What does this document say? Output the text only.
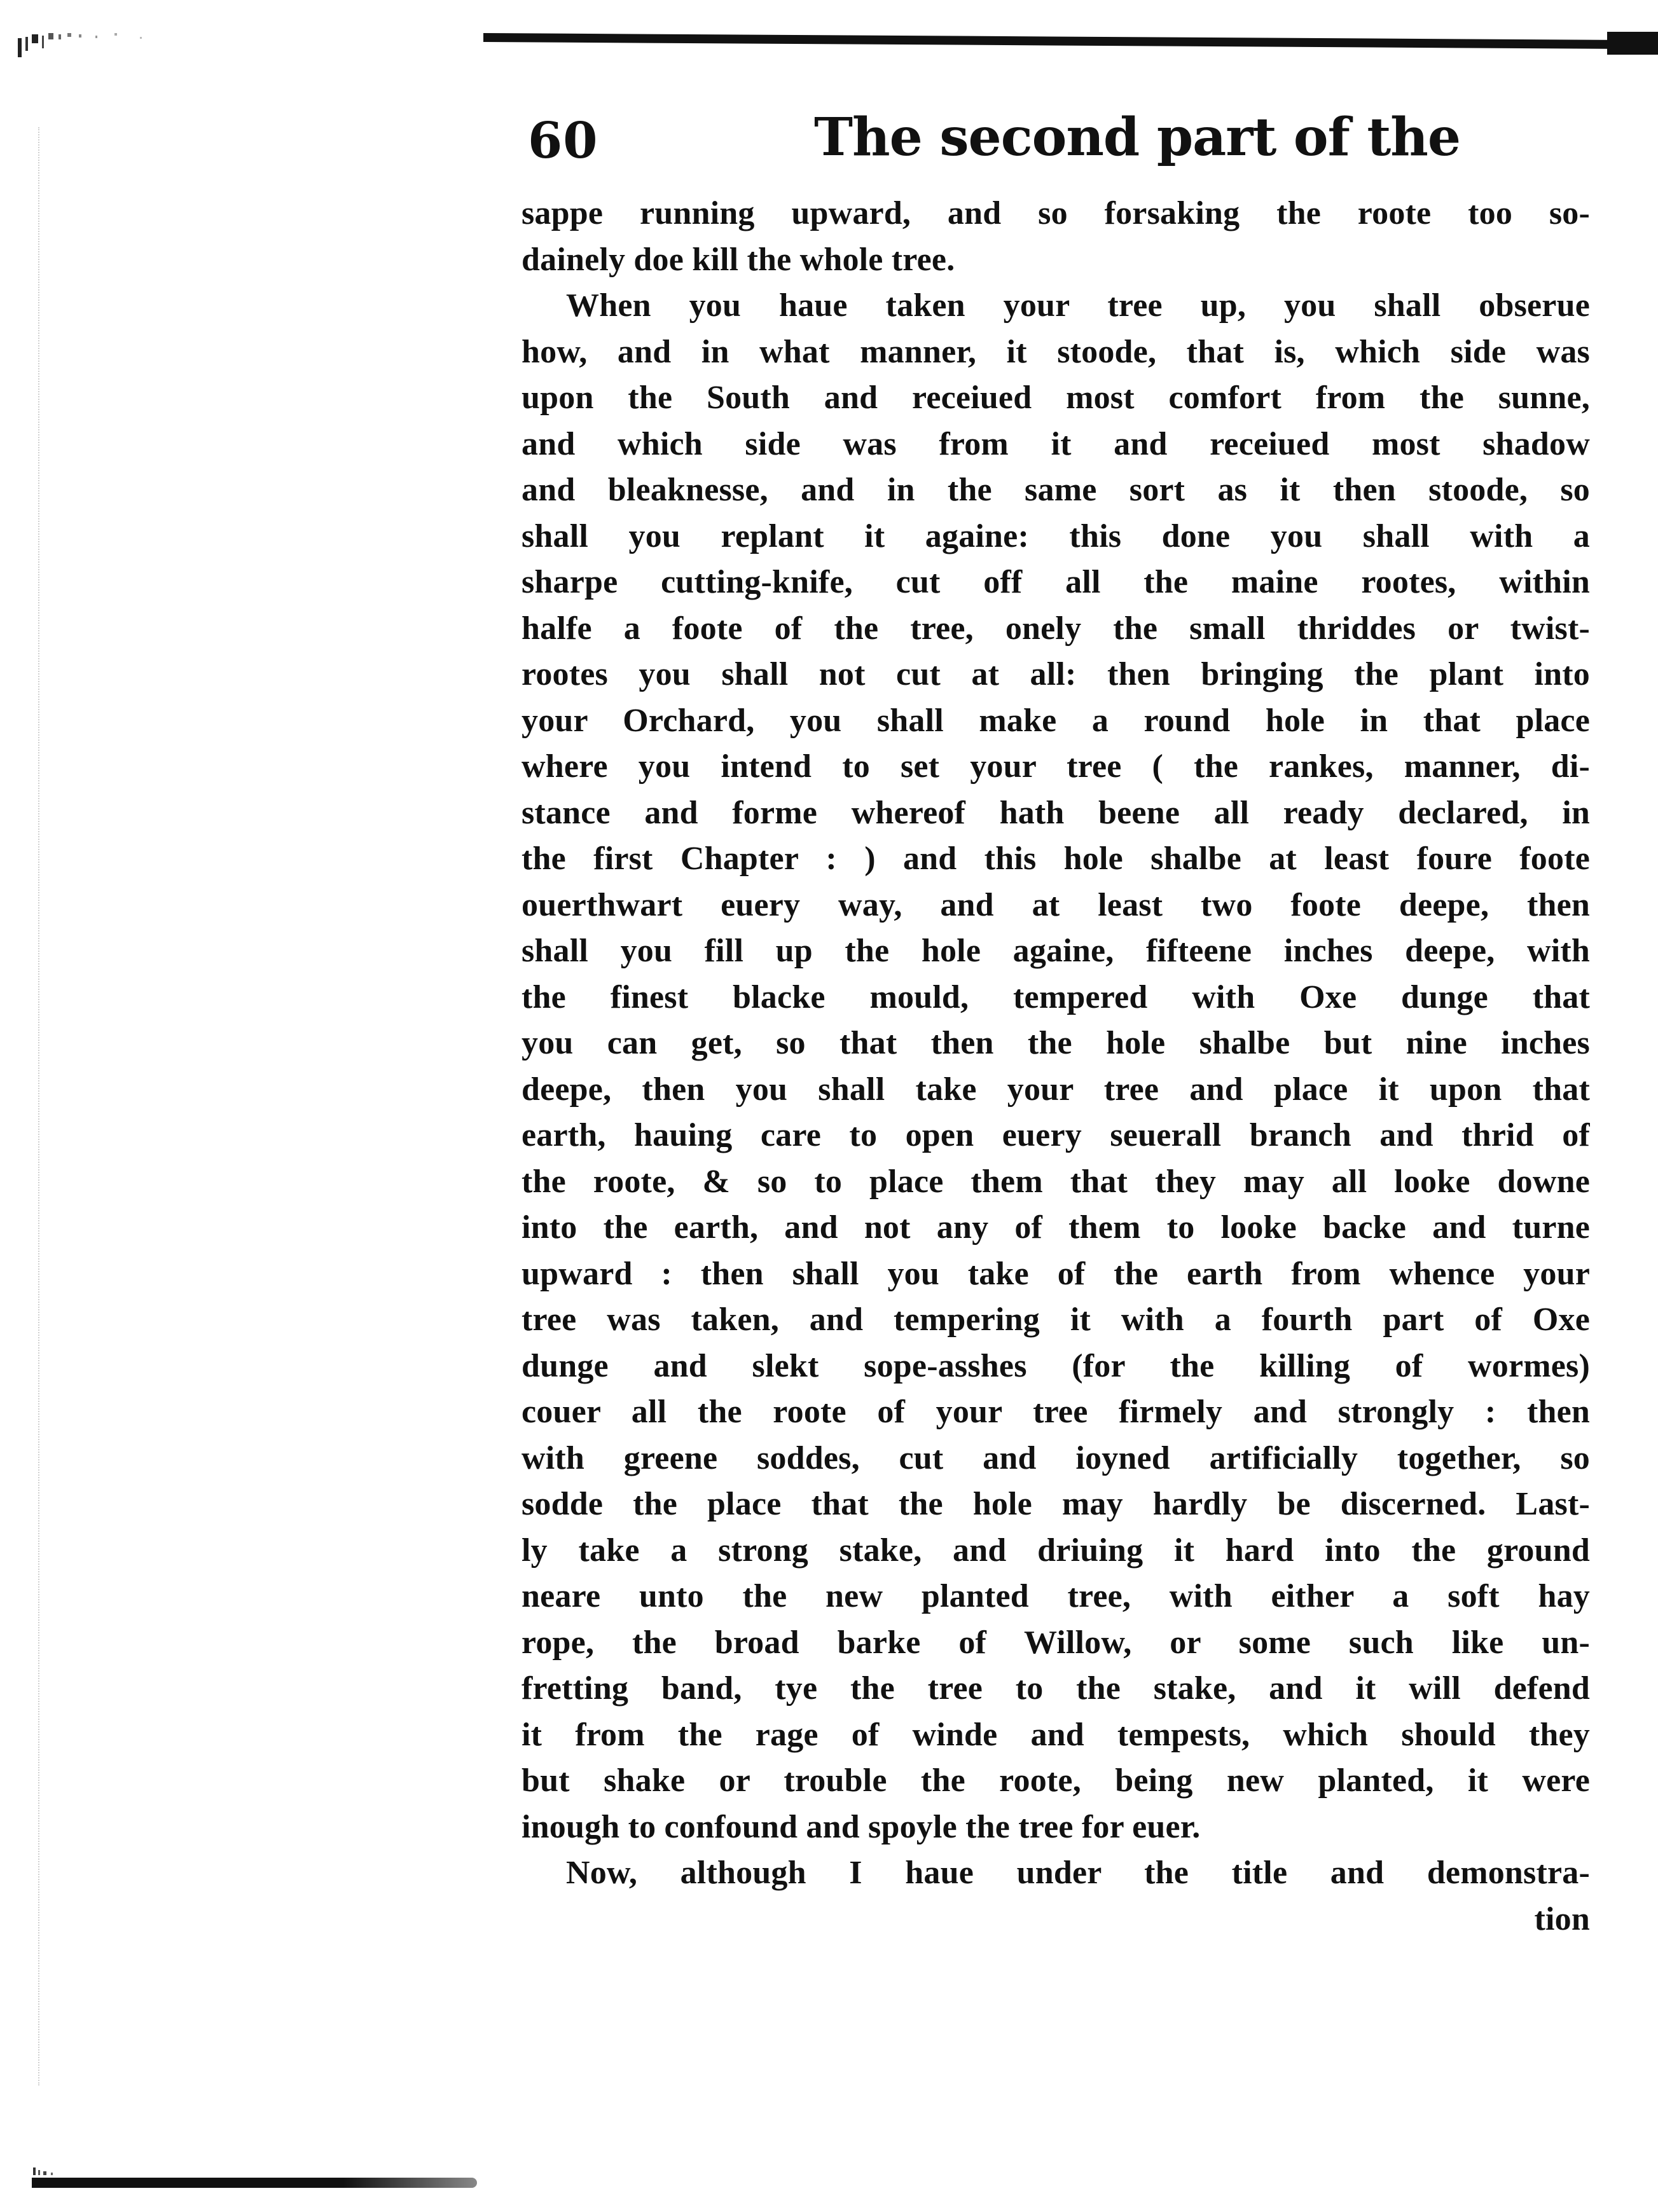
60	The second part of the
sappe running upward, and so forsaking the roote too so-
dainely doe kill the whole tree.
When you haue taken your tree up, you shall obserue
how, and in what manner, it stoode, that is, which side was
upon the South and receiued most comfort from the sunne,
and which side was from it and receiued most shadow
and bleaknesse, and in the same sort as it then stoode, so
shall you replant it againe: this done you shall with a
sharpe cutting-knife, cut off all the maine rootes, within
halfe a foote of the tree, onely the small thriddes or twist-
rootes you shall not cut at all: then bringing the plant into
your Orchard, you shall make a round hole in that place
where you intend to set your tree ( the rankes, manner, di-
stance and forme whereof hath beene all ready declared, in
the first Chapter : ) and this hole shalbe at least foure foote
ouerthwart euery way, and at least two foote deepe, then
shall you fill up the hole againe, fifteene inches deepe, with
the finest blacke mould, tempered with Oxe dunge that
you can get, so that then the hole shalbe but nine inches
deepe, then you shall take your tree and place it upon that
earth, hauing care to open euery seuerall branch and thrid of
the roote, & so to place them that they may all looke downe
into the earth, and not any of them to looke backe and turne
upward : then shall you take of the earth from whence your
tree was taken, and tempering it with a fourth part of Oxe
dunge and slekt sope-asshes (for the killing of wormes)
couer all the roote of your tree firmely and strongly : then
with greene soddes, cut and ioyned artificially together, so
sodde the place that the hole may hardly be discerned. Last-
ly take a strong stake, and driuing it hard into the ground
neare unto the new planted tree, with either a soft hay
rope, the broad barke of Willow, or some such like un-
fretting band, tye the tree to the stake, and it will defend
it from the rage of winde and tempests, which should they
but shake or trouble the roote, being new planted, it were
inough to confound and spoyle the tree for euer.
Now, although I haue under the title and demonstra-
tion
